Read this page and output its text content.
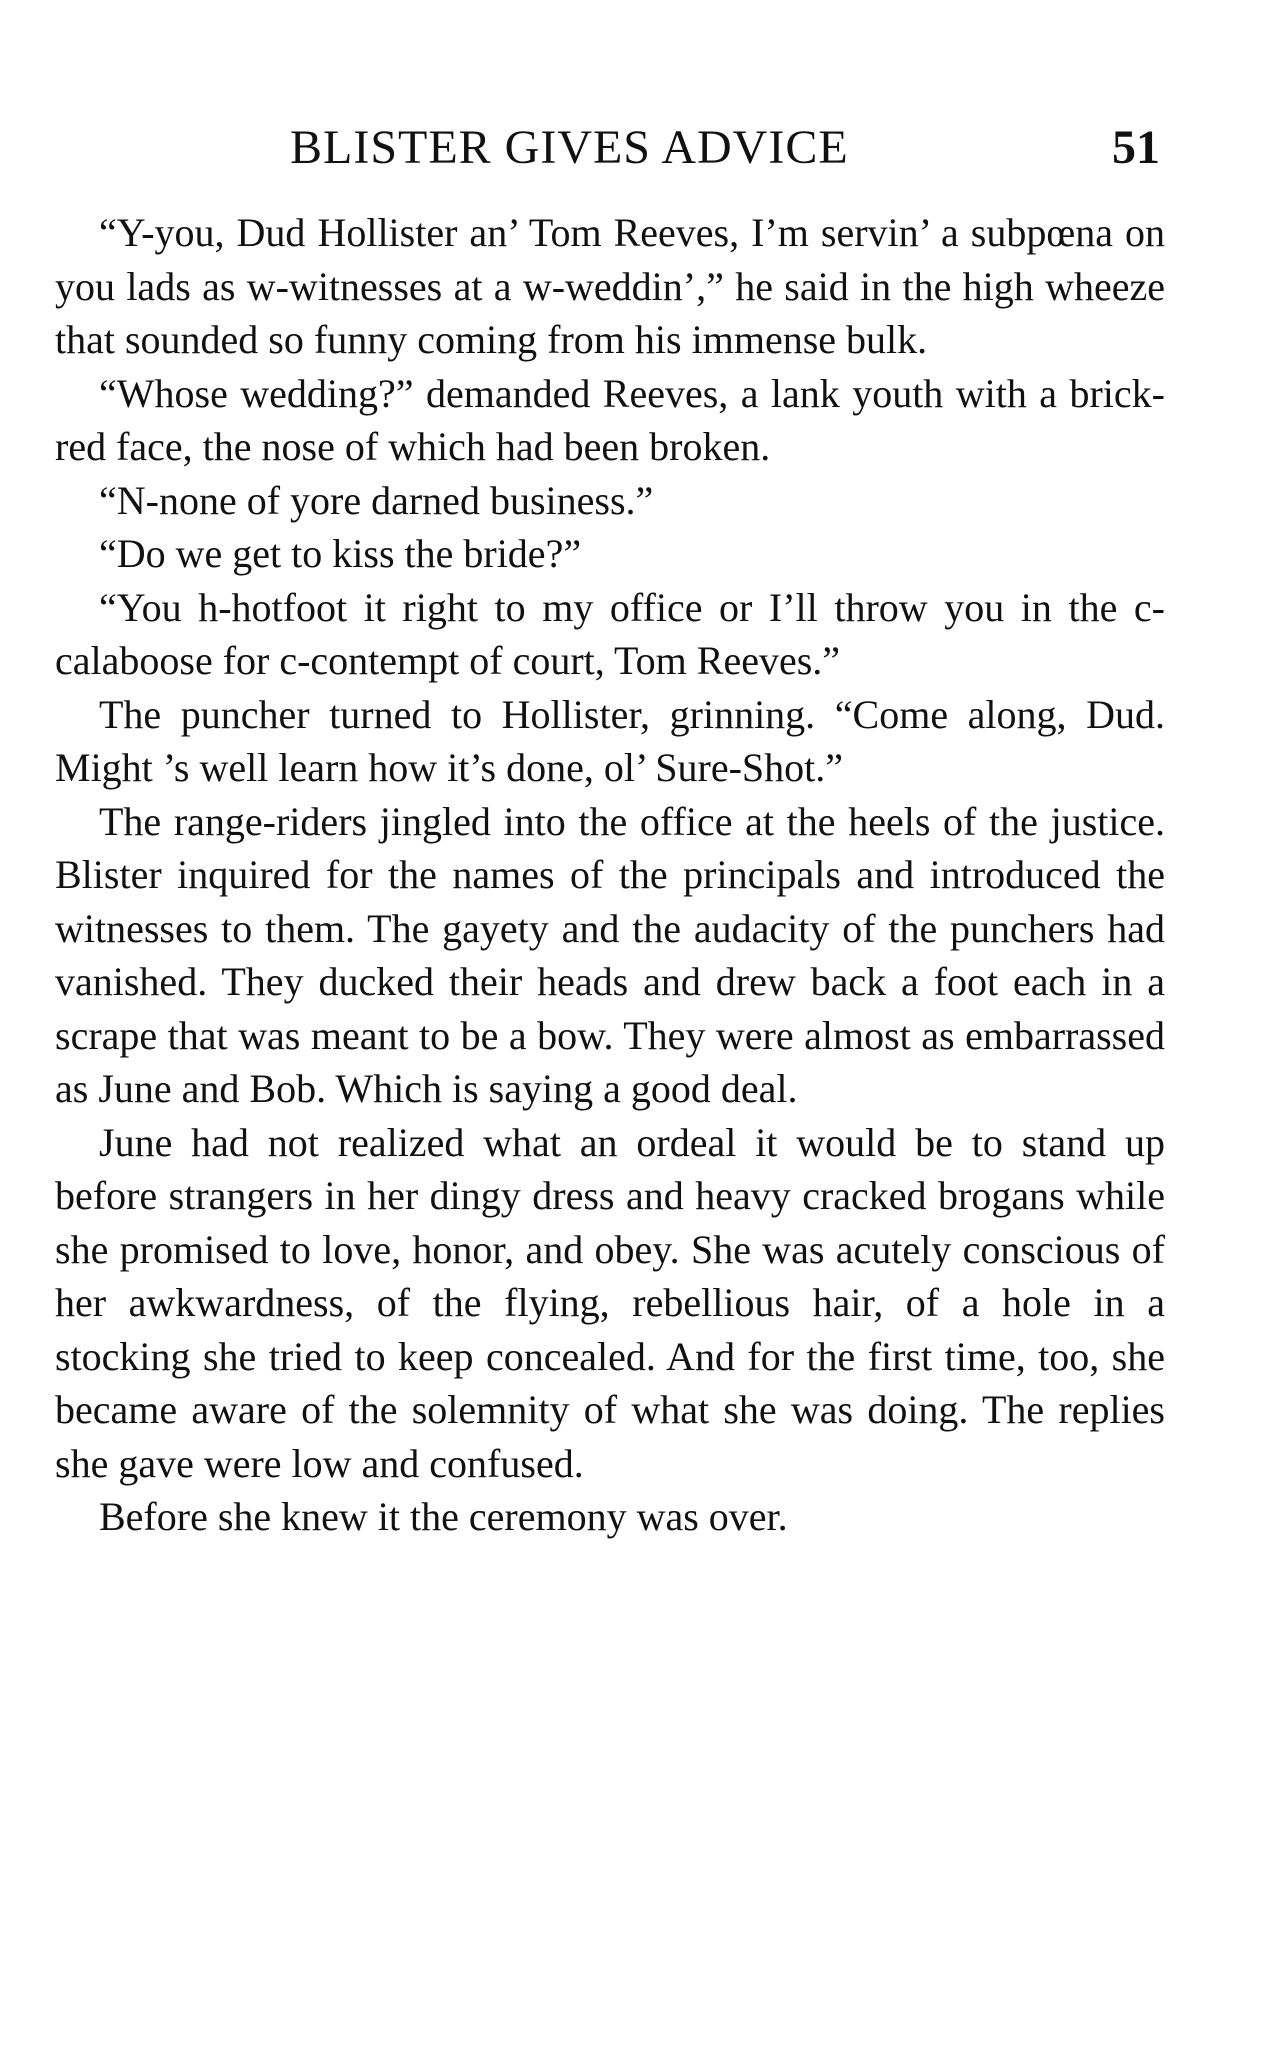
BLISTER GIVES ADVICE	51

“Y-you, Dud Hollister an’ Tom Reeves, I’m servin’ a subpœna on you lads as w-witnesses at a w-weddin’,” he said in the high wheeze that sounded so funny coming from his immense bulk.

“Whose wedding?” demanded Reeves, a lank youth with a brick-red face, the nose of which had been broken.

“N-none of yore darned business.”

“Do we get to kiss the bride?”

“You h-hotfoot it right to my office or I’ll throw you in the c-calaboose for c-contempt of court, Tom Reeves.”

The puncher turned to Hollister, grinning. “Come along, Dud. Might ’s well learn how it’s done, ol’ Sure-Shot.”

The range-riders jingled into the office at the heels of the justice. Blister inquired for the names of the principals and introduced the witnesses to them. The gayety and the audacity of the punchers had vanished. They ducked their heads and drew back a foot each in a scrape that was meant to be a bow. They were almost as embarrassed as June and Bob. Which is saying a good deal.

June had not realized what an ordeal it would be to stand up before strangers in her dingy dress and heavy cracked brogans while she promised to love, honor, and obey. She was acutely conscious of her awkwardness, of the flying, rebellious hair, of a hole in a stocking she tried to keep concealed. And for the first time, too, she became aware of the solemnity of what she was doing. The replies she gave were low and confused.

Before she knew it the ceremony was over.
